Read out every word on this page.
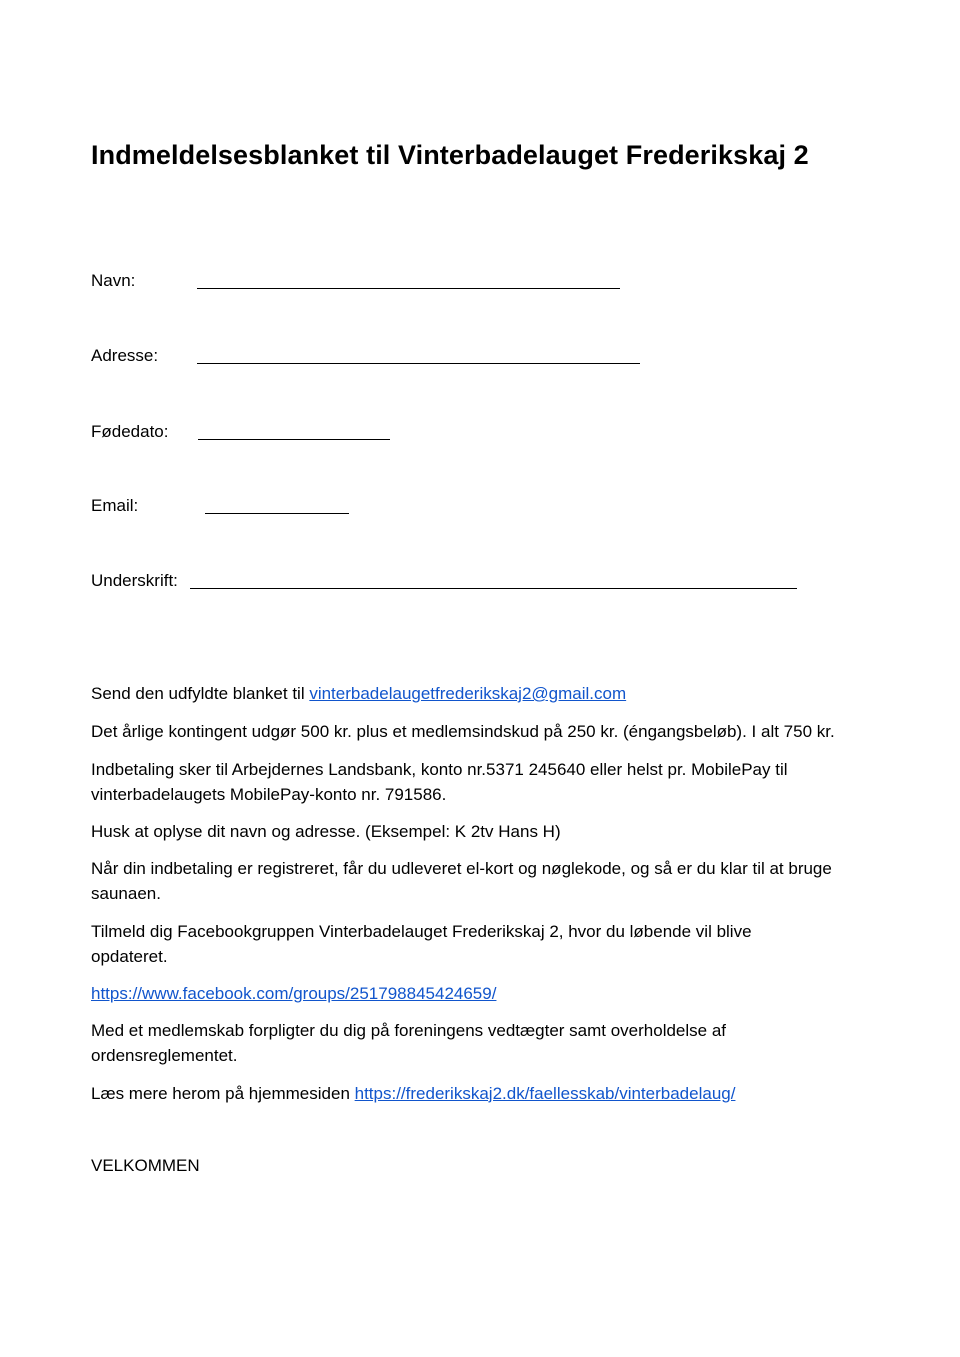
Indmeldelsesblanket til Vinterbadelauget Frederikskaj 2
Navn:
Adresse:
Fødedato:
Email:
Underskrift:

Send den udfyldte blanket til vinterbadelaugetfrederikskaj2@gmail.com

Det årlige kontingent udgør 500 kr. plus et medlemsindskud på 250 kr. (éngangsbeløb). I alt 750 kr.

Indbetaling sker til Arbejdernes Landsbank, konto nr.5371 245640 eller helst pr. MobilePay til vinterbadelaugets MobilePay-konto nr. 791586.

Husk at oplyse dit navn og adresse. (Eksempel: K 2tv Hans H)

Når din indbetaling er registreret, får du udleveret el-kort og nøglekode, og så er du klar til at bruge saunaen.

Tilmeld dig Facebookgruppen Vinterbadelauget Frederikskaj 2, hvor du løbende vil blive opdateret.

https://www.facebook.com/groups/251798845424659/

Med et medlemskab forpligter du dig på foreningens vedtægter samt overholdelse af ordensreglementet.

Læs mere herom på hjemmesiden https://frederikskaj2.dk/faellesskab/vinterbadelaug/

VELKOMMEN
